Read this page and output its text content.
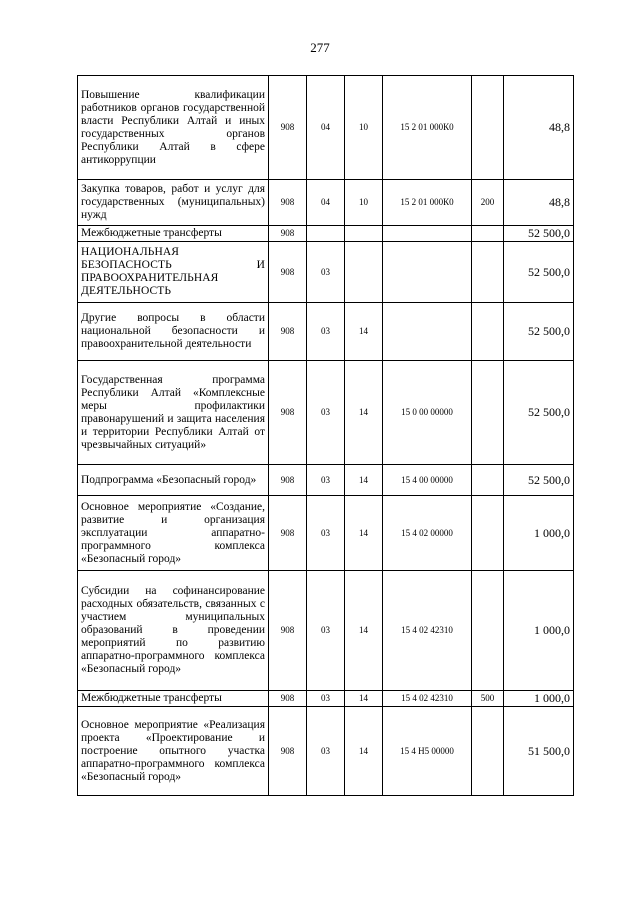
277
Повышение квалификации работников органов государственной власти Республики Алтай и иных государственных органов Республики Алтай в сфере антикоррупции	908	04	10	15 2 01 000К0		48,8
Закупка товаров, работ и услуг для государственных (муниципальных) нужд	908	04	10	15 2 01 000К0	200	48,8
Межбюджетные трансферты	908					52 500,0
НАЦИОНАЛЬНАЯ БЕЗОПАСНОСТЬ И ПРАВООХРАНИТЕЛЬНАЯ ДЕЯТЕЛЬНОСТЬ	908	03				52 500,0
Другие вопросы в области национальной безопасности и правоохранительной деятельности	908	03	14			52 500,0
Государственная программа Республики Алтай «Комплексные меры профилактики правонарушений и защита населения и территории Республики Алтай от чрезвычайных ситуаций»	908	03	14	15 0 00 00000		52 500,0
Подпрограмма «Безопасный город»	908	03	14	15 4 00 00000		52 500,0
Основное мероприятие «Создание, развитие и организация эксплуатации аппаратно-программного комплекса «Безопасный город»	908	03	14	15 4 02 00000		1 000,0
Субсидии на софинансирование расходных обязательств, связанных с участием муниципальных образований в проведении мероприятий по развитию аппаратно-программного комплекса «Безопасный город»	908	03	14	15 4 02 42310		1 000,0
Межбюджетные трансферты	908	03	14	15 4 02 42310	500	1 000,0
Основное мероприятие «Реализация проекта «Проектирование и построение опытного участка аппаратно-программного комплекса «Безопасный город»	908	03	14	15 4 Н5 00000		51 500,0
